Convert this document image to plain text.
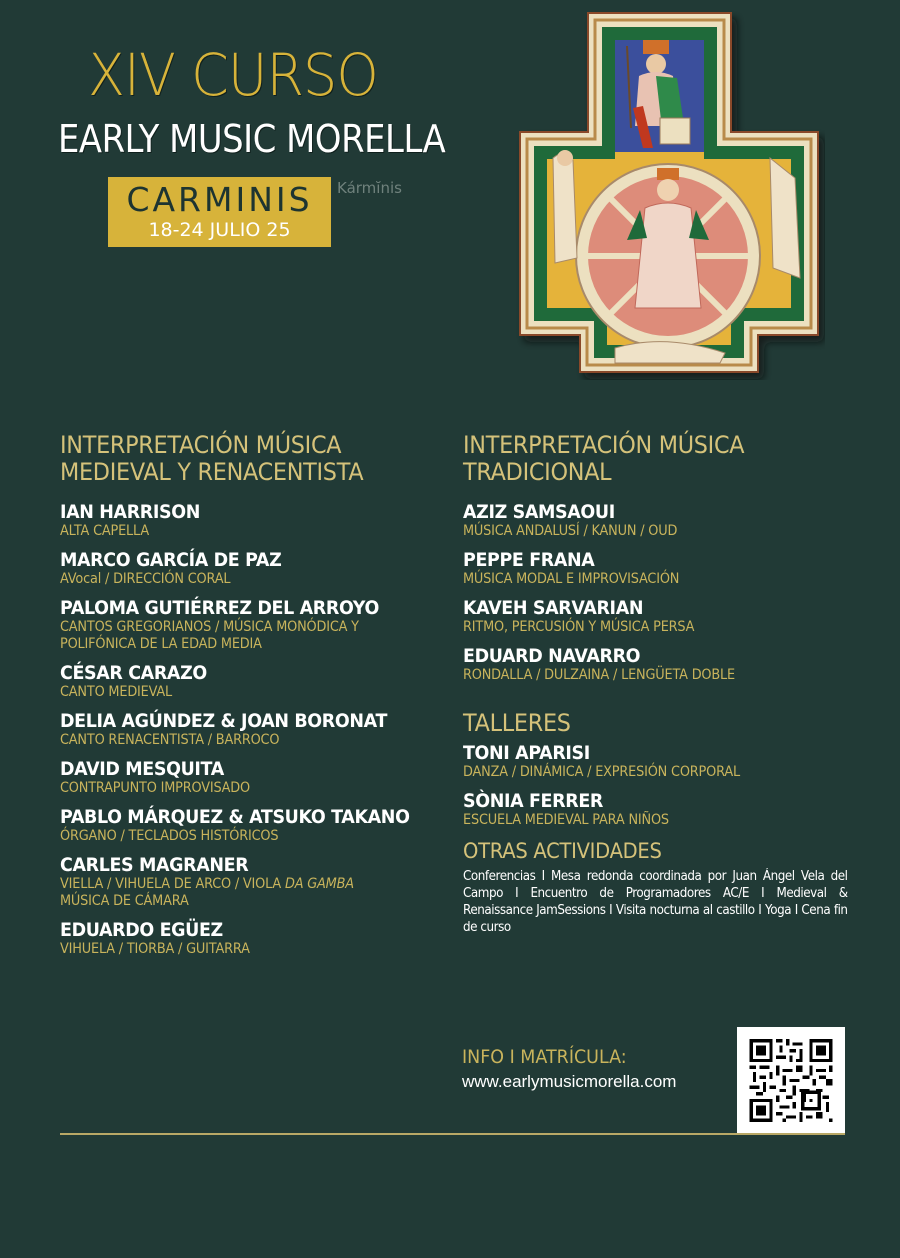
XIV CURSO
EARLY MUSIC MORELLA
CARMINIS
18-24 JULIO 25
Kármĭnis
INTERPRETACIÓN MÚSICA
MEDIEVAL Y RENACENTISTA
IAN HARRISON
ALTA CAPELLA
MARCO GARCÍA DE PAZ
AVocal / DIRECCIÓN CORAL
PALOMA GUTIÉRREZ DEL ARROYO
CANTOS GREGORIANOS / MÚSICA MONÓDICA Y
POLIFÓNICA DE LA EDAD MEDIA
CÉSAR CARAZO
CANTO MEDIEVAL
DELIA AGÚNDEZ & JOAN BORONAT
CANTO RENACENTISTA / BARROCO
DAVID MESQUITA
CONTRAPUNTO IMPROVISADO
PABLO MÁRQUEZ & ATSUKO TAKANO
ÓRGANO / TECLADOS HISTÓRICOS
CARLES MAGRANER
VIELLA / VIHUELA DE ARCO / VIOLA DA GAMBA
MÚSICA DE CÁMARA
EDUARDO EGÜEZ
VIHUELA / TIORBA / GUITARRA
INTERPRETACIÓN MÚSICA
TRADICIONAL
AZIZ SAMSAOUI
MÚSICA ANDALUSÍ / KANUN / OUD
PEPPE FRANA
MÚSICA MODAL E IMPROVISACIÓN
KAVEH SARVARIAN
RITMO, PERCUSIÓN Y MÚSICA PERSA
EDUARD NAVARRO
RONDALLA / DULZAINA / LENGÜETA DOBLE
TALLERES
TONI APARISI
DANZA / DINÁMICA / EXPRESIÓN CORPORAL
SÒNIA FERRER
ESCUELA MEDIEVAL PARA NIÑOS
OTRAS ACTIVIDADES
Conferencias I Mesa redonda coordinada por Juan Ángel Vela del Campo I Encuentro de Programadores AC/E I Medieval & Renaissance JamSessions I Visita nocturna al castillo I Yoga I Cena fin de curso
INFO I MATRÍCULA:
www.earlymusicmorella.com
